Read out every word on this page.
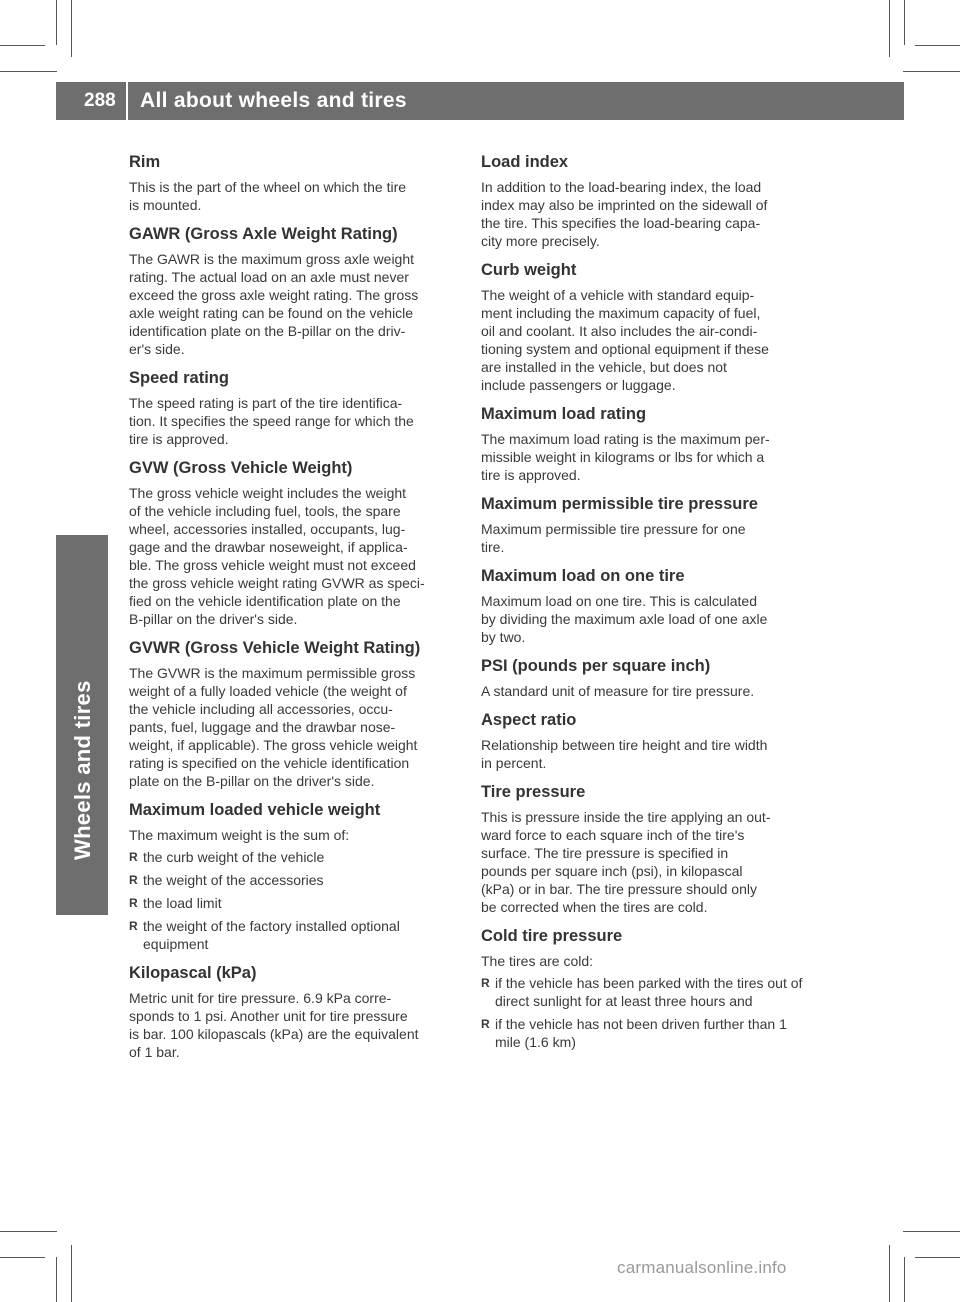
288 All about wheels and tires
Wheels and tires
Rim

This is the part of the wheel on which the tire
is mounted.

GAWR (Gross Axle Weight Rating)

The GAWR is the maximum gross axle weight
rating. The actual load on an axle must never
exceed the gross axle weight rating. The gross
axle weight rating can be found on the vehicle
identification plate on the B-pillar on the driv-
er's side.

Speed rating

The speed rating is part of the tire identifica-
tion. It specifies the speed range for which the
tire is approved.

GVW (Gross Vehicle Weight)

The gross vehicle weight includes the weight
of the vehicle including fuel, tools, the spare
wheel, accessories installed, occupants, lug-
gage and the drawbar noseweight, if applica-
ble. The gross vehicle weight must not exceed
the gross vehicle weight rating GVWR as speci-
fied on the vehicle identification plate on the
B-pillar on the driver's side.

GVWR (Gross Vehicle Weight Rating)

The GVWR is the maximum permissible gross
weight of a fully loaded vehicle (the weight of
the vehicle including all accessories, occu-
pants, fuel, luggage and the drawbar nose-
weight, if applicable). The gross vehicle weight
rating is specified on the vehicle identification
plate on the B-pillar on the driver's side.

Maximum loaded vehicle weight

The maximum weight is the sum of:

R the curb weight of the vehicle
R the weight of the accessories
R the load limit
R the weight of the factory installed optional equipment
Kilopascal (kPa)

Metric unit for tire pressure. 6.9 kPa corre-
sponds to 1 psi. Another unit for tire pressure
is bar. 100 kilopascals (kPa) are the equivalent
of 1 bar.

Load index

In addition to the load-bearing index, the load
index may also be imprinted on the sidewall of
the tire. This specifies the load-bearing capa-
city more precisely.

Curb weight

The weight of a vehicle with standard equip-
ment including the maximum capacity of fuel,
oil and coolant. It also includes the air-condi-
tioning system and optional equipment if these
are installed in the vehicle, but does not
include passengers or luggage.

Maximum load rating

The maximum load rating is the maximum per-
missible weight in kilograms or lbs for which a
tire is approved.

Maximum permissible tire pressure

Maximum permissible tire pressure for one
tire.

Maximum load on one tire

Maximum load on one tire. This is calculated
by dividing the maximum axle load of one axle
by two.

PSI (pounds per square inch)

A standard unit of measure for tire pressure.

Aspect ratio

Relationship between tire height and tire width
in percent.

Tire pressure

This is pressure inside the tire applying an out-
ward force to each square inch of the tire's
surface. The tire pressure is specified in
pounds per square inch (psi), in kilopascal
(kPa) or in bar. The tire pressure should only
be corrected when the tires are cold.

Cold tire pressure

The tires are cold:

R if the vehicle has been parked with the tires out of direct sunlight for at least three hours and
R if the vehicle has not been driven further than 1 mile (1.6 km)
carmanualsonline.info
